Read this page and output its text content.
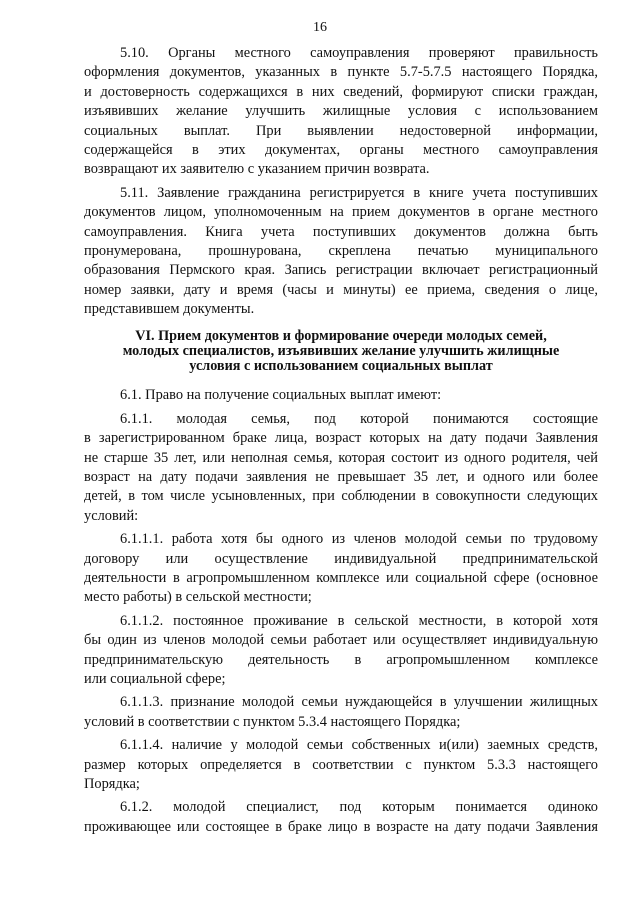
16
5.10. Органы местного самоуправления проверяют правильность
оформления документов, указанных в пункте 5.7-5.7.5 настоящего Порядка,
и достоверность содержащихся в них сведений, формируют списки граждан,
изъявивших желание улучшить жилищные условия с использованием
социальных выплат. При выявлении недостоверной информации,
содержащейся в этих документах, органы местного самоуправления
возвращают их заявителю с указанием причин возврата.
5.11. Заявление гражданина регистрируется в книге учета поступивших
документов лицом, уполномоченным на прием документов в органе местного
самоуправления. Книга учета поступивших документов должна быть
пронумерована, прошнурована, скреплена печатью муниципального
образования Пермского края. Запись регистрации включает регистрационный
номер заявки, дату и время (часы и минуты) ее приема, сведения о лице,
представившем документы.
VI. Прием документов и формирование очереди молодых семей,
молодых специалистов, изъявивших желание улучшить жилищные
условия с использованием социальных выплат
6.1. Право на получение социальных выплат имеют:
6.1.1. молодая семья, под которой понимаются состоящие
в зарегистрированном браке лица, возраст которых на дату подачи Заявления
не старше 35 лет, или неполная семья, которая состоит из одного родителя, чей
возраст на дату подачи заявления не превышает 35 лет, и одного или более
детей, в том числе усыновленных, при соблюдении в совокупности следующих
условий:
6.1.1.1. работа хотя бы одного из членов молодой семьи по трудовому
договору или осуществление индивидуальной предпринимательской
деятельности в агропромышленном комплексе или социальной сфере (основное
место работы) в сельской местности;
6.1.1.2. постоянное проживание в сельской местности, в которой хотя
бы один из членов молодой семьи работает или осуществляет индивидуальную
предпринимательскую деятельность в агропромышленном комплексе
или социальной сфере;
6.1.1.3. признание молодой семьи нуждающейся в улучшении жилищных
условий в соответствии с пунктом 5.3.4 настоящего Порядка;
6.1.1.4. наличие у молодой семьи собственных и(или) заемных средств,
размер которых определяется в соответствии с пунктом 5.3.3 настоящего
Порядка;
6.1.2. молодой специалист, под которым понимается одиноко
проживающее или состоящее в браке лицо в возрасте на дату подачи Заявления
